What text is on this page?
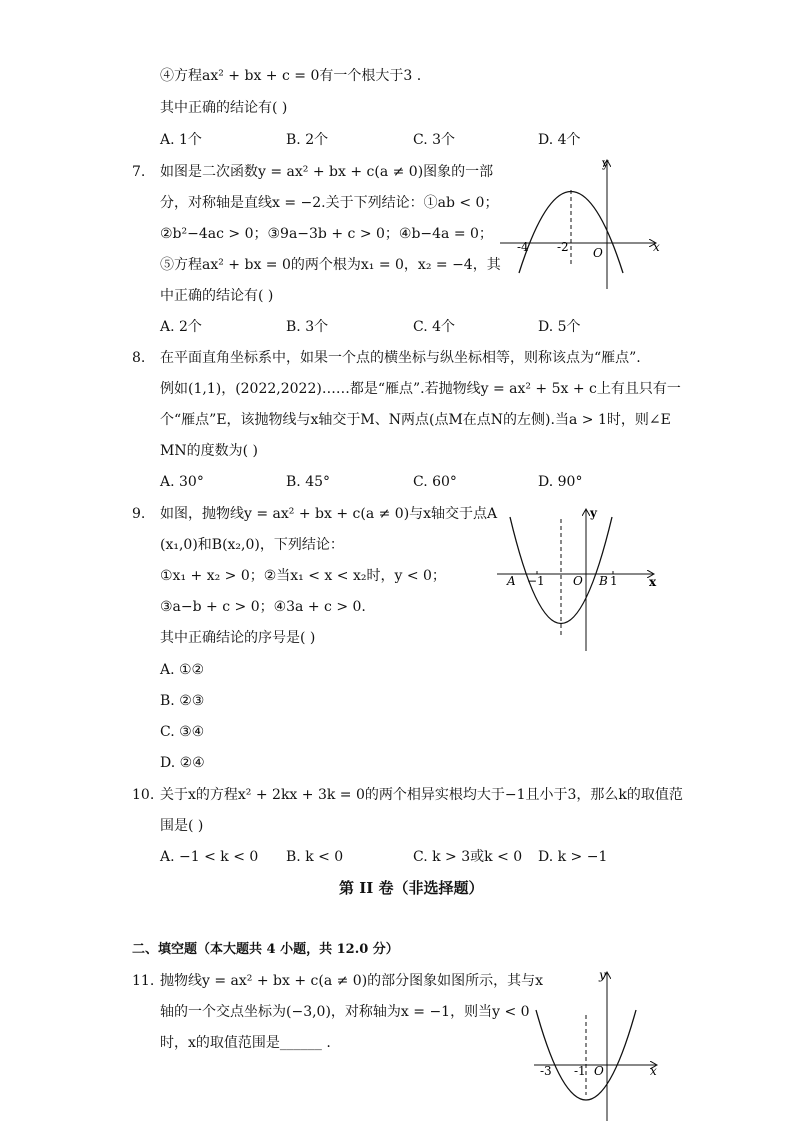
④方程ax² + bx + c = 0有一个根大于3 .
其中正确的结论有( )
A. 1个	B. 2个	C. 3个	D. 4个
7. 如图是二次函数y = ax² + bx + c(a ≠ 0)图象的一部
分，对称轴是直线x = −2.关于下列结论：①ab < 0；
②b²−4ac > 0；③9a−3b + c > 0；④b−4a = 0；
⑤方程ax² + bx = 0的两个根为x₁ = 0，x₂ = −4，其
中正确的结论有( )
A. 2个	B. 3个	C. 4个	D. 5个
y
x
-4 -2 O
8. 在平面直角坐标系中，如果一个点的横坐标与纵坐标相等，则称该点为“雁点”.
例如(1,1)，(2022,2022)……都是“雁点”.若抛物线y = ax² + 5x + c上有且只有一
个“雁点”E，该抛物线与x轴交于M、N两点(点M在点N的左侧).当a > 1时，则∠E
MN的度数为( )
A. 30°	B. 45°	C. 60°	D. 90°
9. 如图，抛物线y = ax² + bx + c(a ≠ 0)与x轴交于点A
(x₁,0)和B(x₂,0)，下列结论：
①x₁ + x₂ > 0；②当x₁ < x < x₂时，y < 0；
③a−b + c > 0；④3a + c > 0.
其中正确结论的序号是( )
A. ①②
B. ②③
C. ③④
D. ②④
y
x
A −1 O B 1
10. 关于x的方程x² + 2kx + 3k = 0的两个相异实根均大于−1且小于3，那么k的取值范
围是( )
A. −1 < k < 0 B. k < 0	C. k > 3或k < 0 D. k > −1
第 II 卷（非选择题）
二、填空题（本大题共 4 小题，共 12.0 分）
11. 抛物线y = ax² + bx + c(a ≠ 0)的部分图象如图所示，其与x
轴的一个交点坐标为(−3,0)，对称轴为x = −1，则当y < 0
时，x的取值范围是______ .
y
x
-3 -1 O
